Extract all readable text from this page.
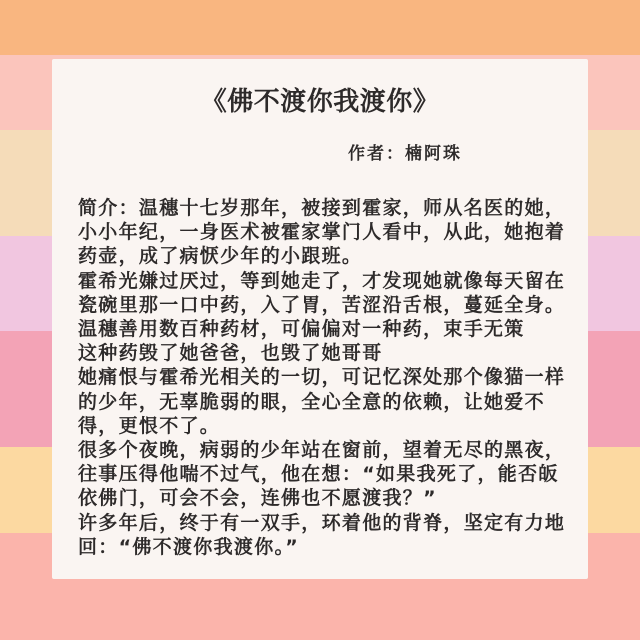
《佛不渡你我渡你》
作者：楠阿珠
简介：温穗十七岁那年，被接到霍家，师从名医的她，
小小年纪，一身医术被霍家掌门人看中，从此，她抱着
药壶，成了病恹少年的小跟班。
霍希光嫌过厌过，等到她走了，才发现她就像每天留在
瓷碗里那一口中药，入了胃，苦涩沿舌根，蔓延全身。
温穗善用数百种药材，可偏偏对一种药，束手无策
这种药毁了她爸爸，也毁了她哥哥
她痛恨与霍希光相关的一切，可记忆深处那个像猫一样
的少年，无辜脆弱的眼，全心全意的依赖，让她爱不
得，更恨不了。
很多个夜晚，病弱的少年站在窗前，望着无尽的黑夜，
往事压得他喘不过气，他在想：“如果我死了，能否皈
依佛门，可会不会，连佛也不愿渡我？”
许多年后，终于有一双手，环着他的背脊，坚定有力地
回：“佛不渡你我渡你。”
